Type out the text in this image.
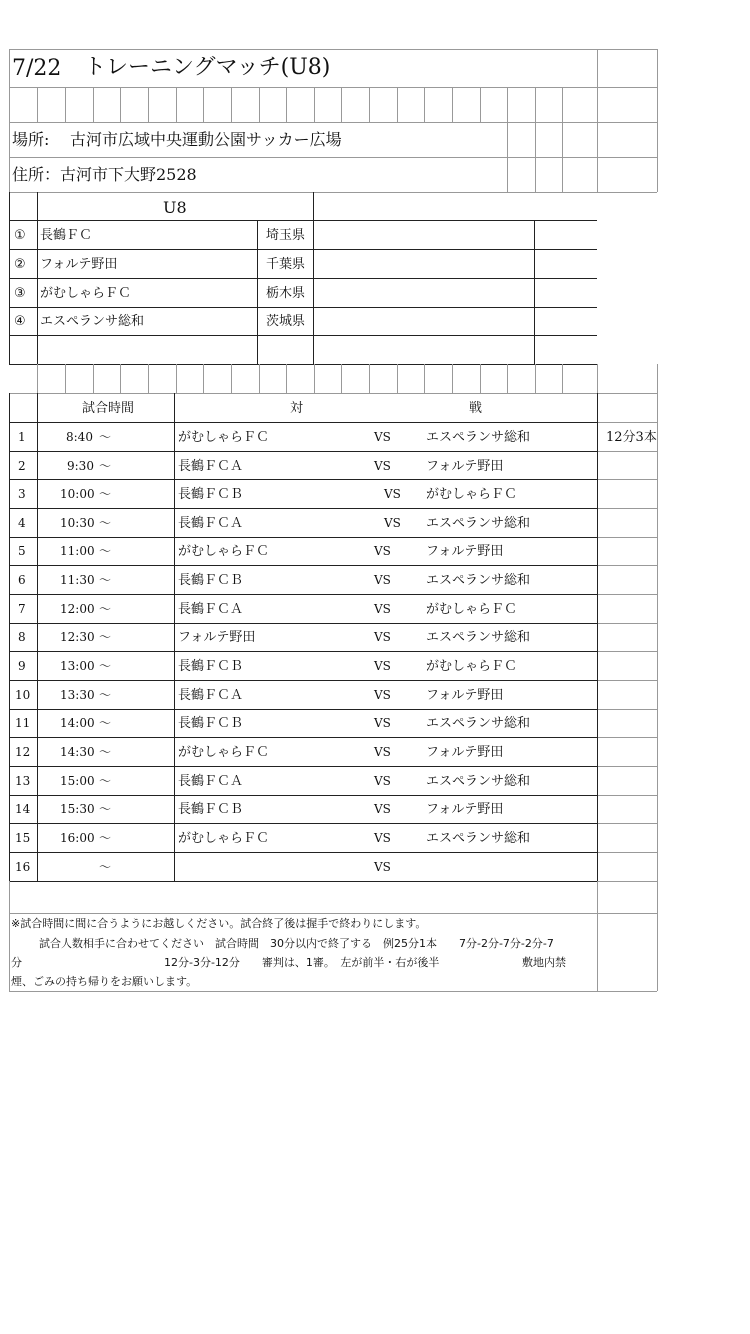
7/22 トレーニングマッチ(U8)
場所: 古河市広域中央運動公園サッカー広場
住所：古河市下大野2528
U8
① 長鶴ＦＣ	埼玉県
② フォルテ野田	千葉県
③ がむしゃらＦＣ	栃木県
④ エスペランサ総和	茨城県
試合時間	対	戦
12分3本
1	8:40 ～	がむしゃらＦＣ	VS	エスペランサ総和
2	9:30 ～	長鶴ＦＣＡ	VS	フォルテ野田
3	10:00 ～	長鶴ＦＣＢ	VS がむしゃらＦＣ
4	10:30 ～	長鶴ＦＣＡ	VS エスペランサ総和
5	11:00 ～	がむしゃらＦＣ	VS	フォルテ野田
6	11:30 ～	長鶴ＦＣＢ	VS	エスペランサ総和
7	12:00 ～	長鶴ＦＣＡ	VS	がむしゃらＦＣ
8	12:30 ～	フォルテ野田	VS	エスペランサ総和
9	13:00 ～	長鶴ＦＣＢ	VS	がむしゃらＦＣ
10 13:30 ～	長鶴ＦＣＡ	VS	フォルテ野田
11 14:00 ～	長鶴ＦＣＢ	VS	エスペランサ総和
12 14:30 ～	がむしゃらＦＣ	VS	フォルテ野田
13 15:00 ～	長鶴ＦＣＡ	VS	エスペランサ総和
14 15:30 ～	長鶴ＦＣＢ	VS	フォルテ野田
15 16:00 ～	がむしゃらＦＣ	VS	エスペランサ総和
16	～	VS
※試合時間に間に合うようにお越しください。試合終了後は握手で終わりにします。
試合人数相手に合わせてください　試合時間　30分以内で終了する　例25分1本　　7分-2分-7分-2分-7
分	12分-3分-12分　　審判は、1審。　左が前半・右が後半	敷地内禁
煙、ごみの持ち帰りをお願いします。
